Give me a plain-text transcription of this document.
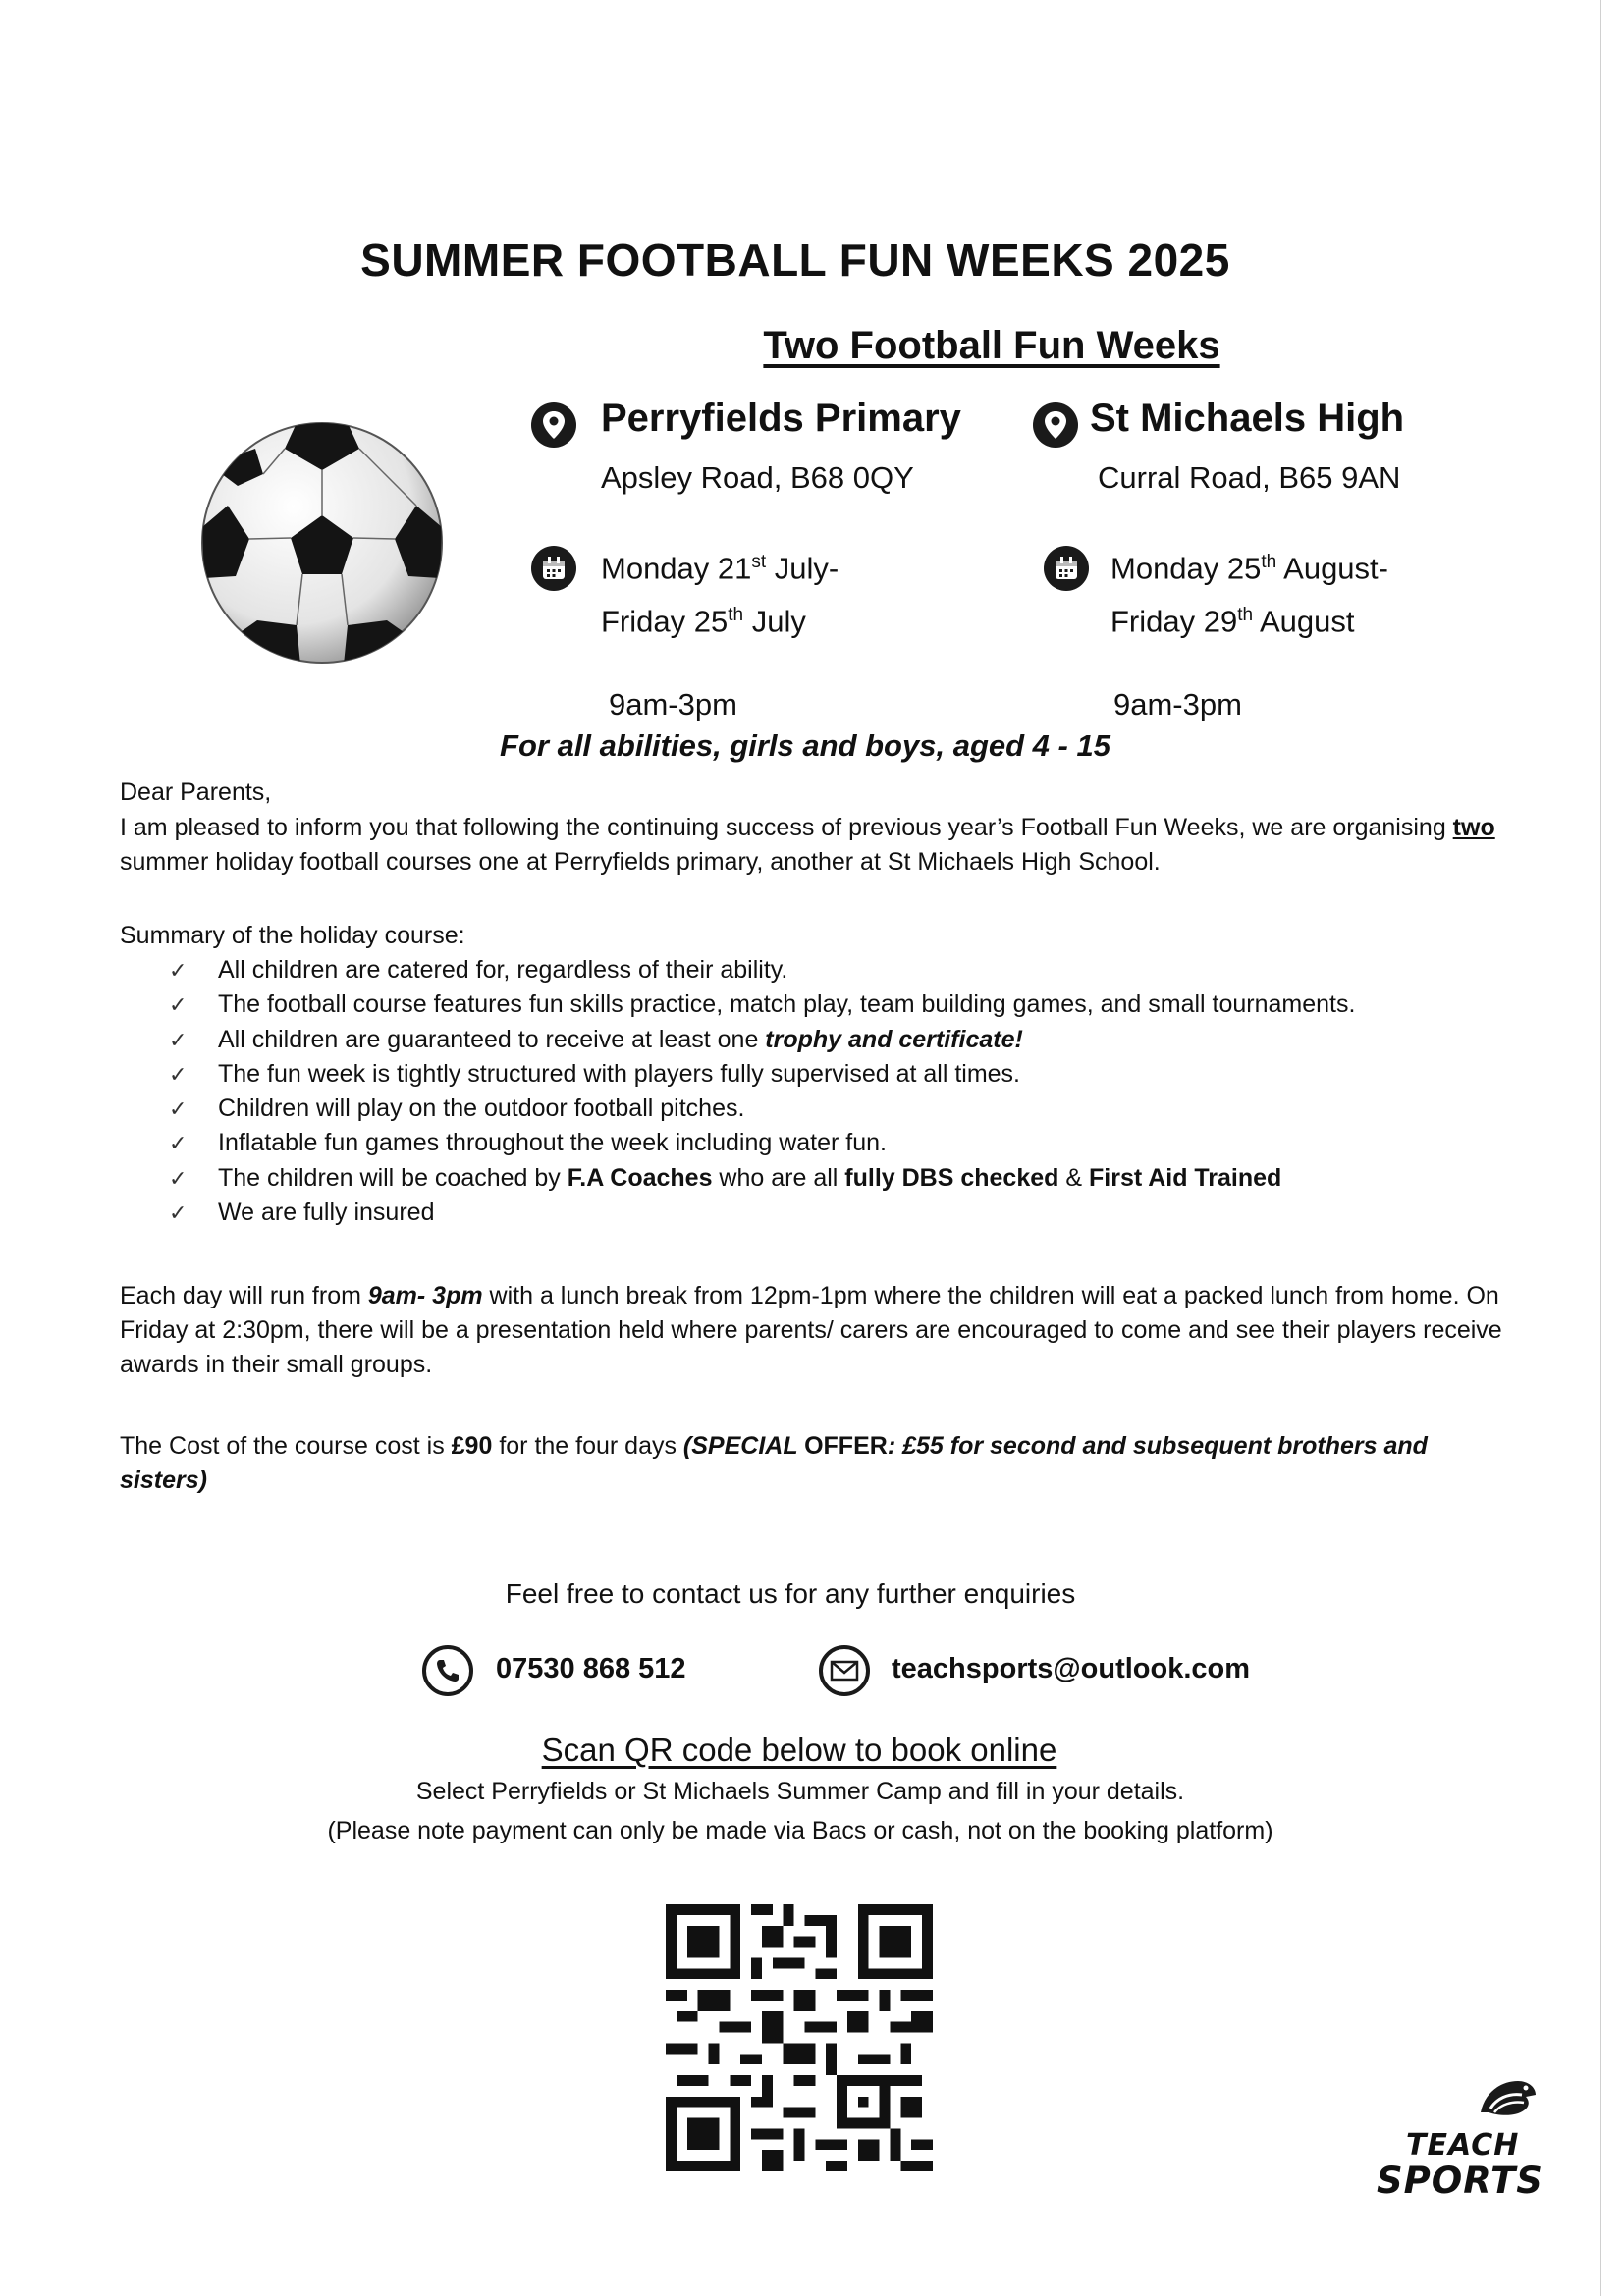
SUMMER FOOTBALL FUN WEEKS 2025
Two Football Fun Weeks
Perryfields Primary
Apsley Road, B68 0QY
Monday 21st July-
Friday 25th July
9am-3pm
St Michaels High
Curral Road, B65 9AN
Monday 25th August-
Friday 29th August
9am-3pm
For all abilities, girls and boys, aged 4 - 15
Dear Parents,
I am pleased to inform you that following the continuing success of previous year’s Football Fun Weeks, we are organising two summer holiday football courses one at Perryfields primary, another at St Michaels High School.
Summary of the holiday course:
✓ All children are catered for, regardless of their ability.
✓ The football course features fun skills practice, match play, team building games, and small tournaments.
✓ All children are guaranteed to receive at least one trophy and certificate!
✓ The fun week is tightly structured with players fully supervised at all times.
✓ Children will play on the outdoor football pitches.
✓ Inflatable fun games throughout the week including water fun.
✓ The children will be coached by F.A Coaches who are all fully DBS checked & First Aid Trained
✓ We are fully insured
Each day will run from 9am- 3pm with a lunch break from 12pm-1pm where the children will eat a packed lunch from home. On Friday at 2:30pm, there will be a presentation held where parents/ carers are encouraged to come and see their players receive awards in their small groups.
The Cost of the course cost is £90 for the four days (SPECIAL OFFER: £55 for second and subsequent brothers and sisters)
Feel free to contact us for any further enquiries
07530 868 512	teachsports@outlook.com
Scan QR code below to book online
Select Perryfields or St Michaels Summer Camp and fill in your details.
(Please note payment can only be made via Bacs or cash, not on the booking platform)
TEACH
SPORTS
